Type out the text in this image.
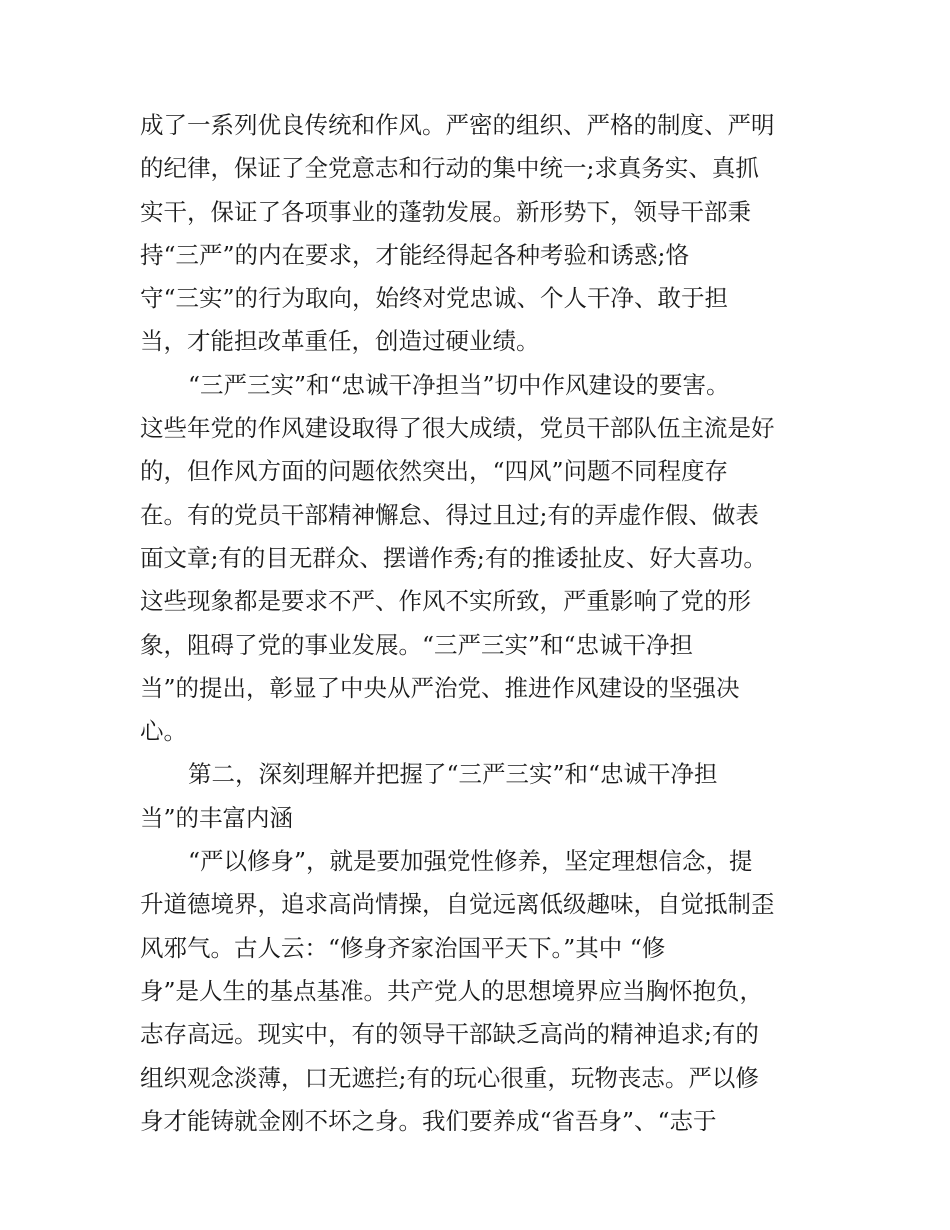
成了一系列优良传统和作风。严密的组织、严格的制度、严明
的纪律，保证了全党意志和行动的集中统一;求真务实、真抓
实干，保证了各项事业的蓬勃发展。新形势下，领导干部秉
持“三严”的内在要求，才能经得起各种考验和诱惑;恪
守“三实”的行为取向，始终对党忠诚、个人干净、敢于担
当，才能担改革重任，创造过硬业绩。
“三严三实”和“忠诚干净担当”切中作风建设的要害。
这些年党的作风建设取得了很大成绩，党员干部队伍主流是好
的，但作风方面的问题依然突出，“四风”问题不同程度存
在。有的党员干部精神懈怠、得过且过;有的弄虚作假、做表
面文章;有的目无群众、摆谱作秀;有的推诿扯皮、好大喜功。
这些现象都是要求不严、作风不实所致，严重影响了党的形
象，阻碍了党的事业发展。“三严三实”和“忠诚干净担
当”的提出，彰显了中央从严治党、推进作风建设的坚强决
心。
第二，深刻理解并把握了“三严三实”和“忠诚干净担
当”的丰富内涵
“严以修身”，就是要加强党性修养，坚定理想信念，提
升道德境界，追求高尚情操，自觉远离低级趣味，自觉抵制歪
风邪气。古人云：“修身齐家治国平天下。”其中 “修
身”是人生的基点基准。共产党人的思想境界应当胸怀抱负，
志存高远。现实中，有的领导干部缺乏高尚的精神追求;有的
组织观念淡薄，口无遮拦;有的玩心很重，玩物丧志。严以修
身才能铸就金刚不坏之身。我们要养成“省吾身”、“志于
